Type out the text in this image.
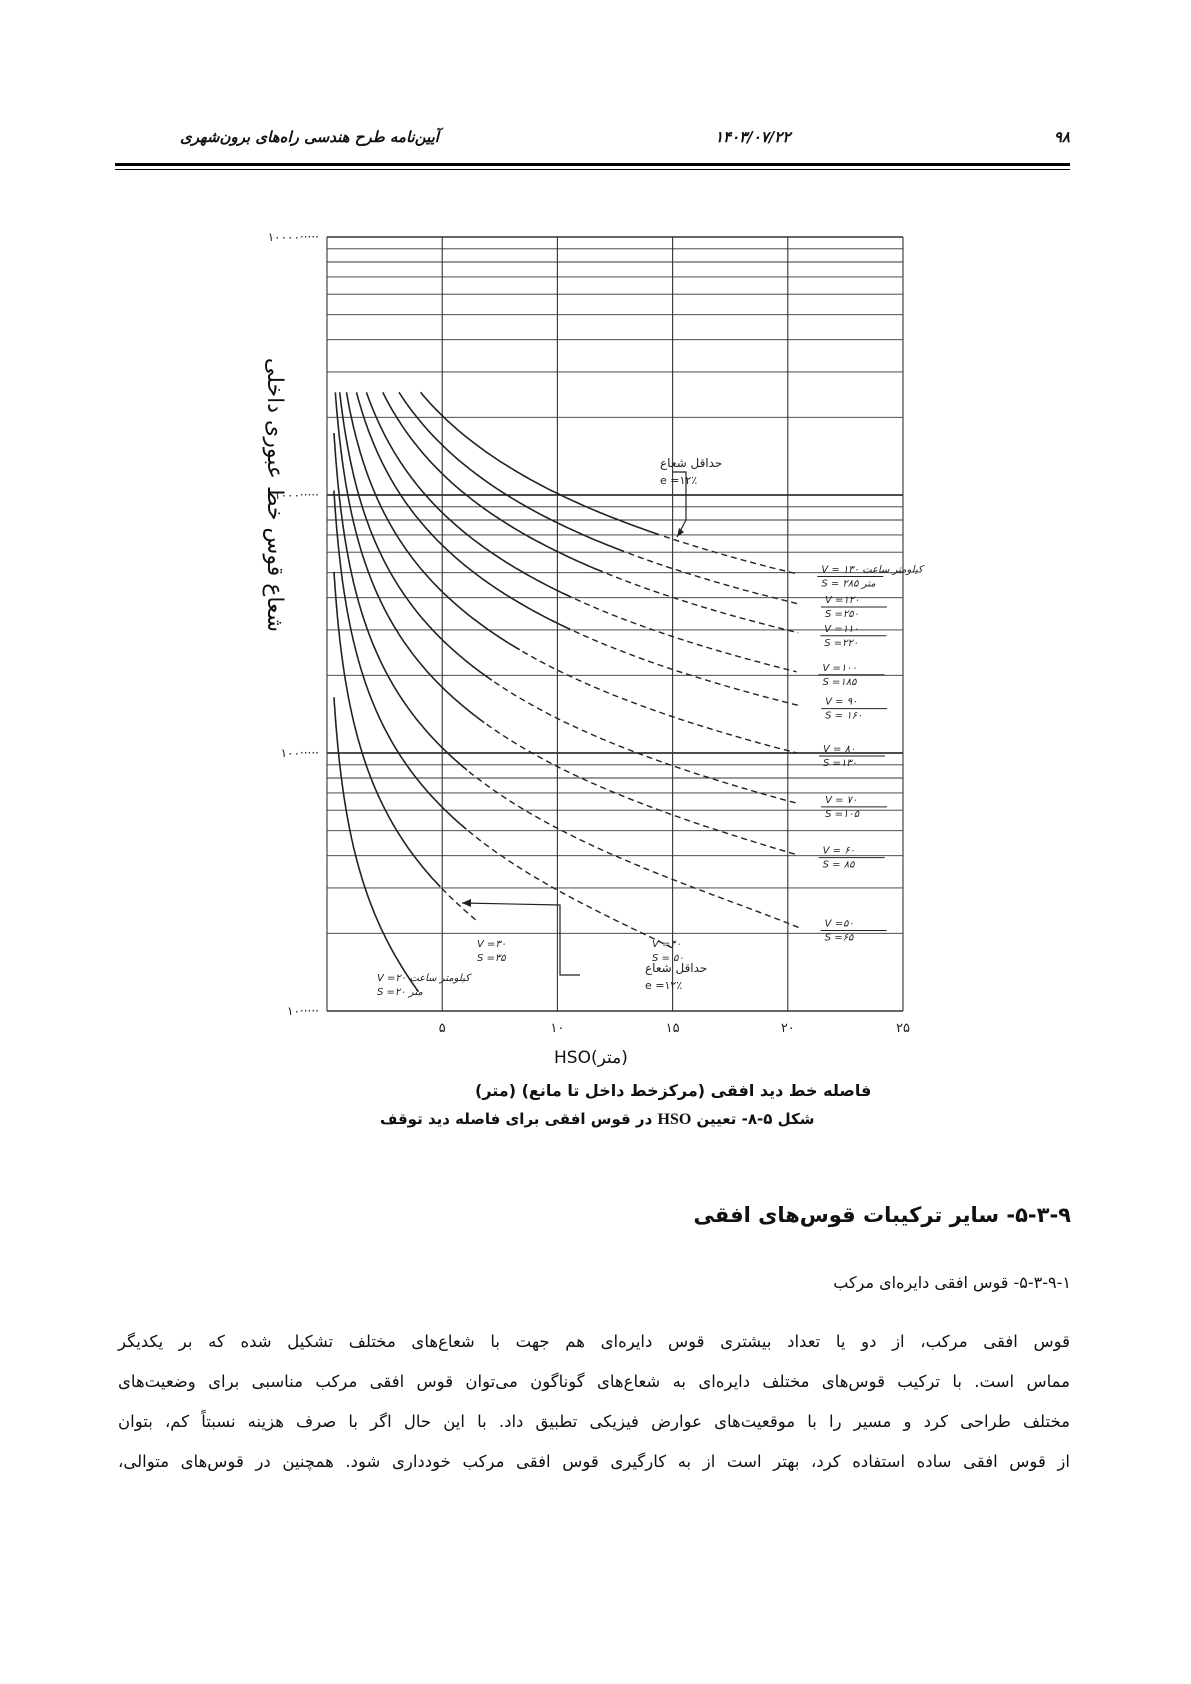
۹۸
۱۴۰۳/۰۷/۲۲
آیین‌نامه طرح هندسی راه‌های برون‌شهری
V = ۱۳۰ کیلومتر ساعت
S = ۲۸۵ متر
V =۱۲۰
S =۲۵۰
V =۱۱۰
S =۲۲۰
V =۱۰۰
S =۱۸۵
V = ۹۰
S = ۱۶۰
V = ۸۰
S =۱۳۰
V = ۷۰
S =۱۰۵
V = ۶۰
S = ۸۵
V =۵۰
S =۶۵
V =۴۰
S = ۵۰
V =۳۰
S =۳۵
V =۲۰ کیلومتر ساعت
S =۲۰ متر
۵	۱۰	۱۵	۲۰	۲۵
۱۰·····
۱۰۰·····
۱۰۰۰·····
۱۰۰۰۰·····
حداقل شعاع
e =۱۲٪
حداقل شعاع
e =۱۲٪
شعاع قوس خط عبوری داخلی
HSO(متر)
فاصله خط دید افقی (مرکزخط داخل تا مانع) (متر)
شکل ۵-۸- تعیین HSO در قوس افقی برای فاصله دید توقف
۵-۳-۹- سایر ترکیبات قوس‌های افقی
۵-۳-۹-۱- قوس افقی دایره‌ای مرکب
قوس افقی مرکب، از دو یا تعداد بیشتری قوس دایره‌ای هم جهت با شعاع‌های مختلف تشکیل شده که بر یکدیگر
مماس است. با ترکیب قوس‌های مختلف دایره‌ای به شعاع‌های گوناگون می‌توان قوس افقی مرکب مناسبی برای وضعیت‌های
مختلف طراحی کرد و مسیر را با موقعیت‌های عوارض فیزیکی تطبیق داد. با این حال اگر با صرف هزینه نسبتاً کم، بتوان
از قوس افقی ساده استفاده کرد، بهتر است از به کارگیری قوس افقی مرکب خودداری شود. همچنین در قوس‌های متوالی،
